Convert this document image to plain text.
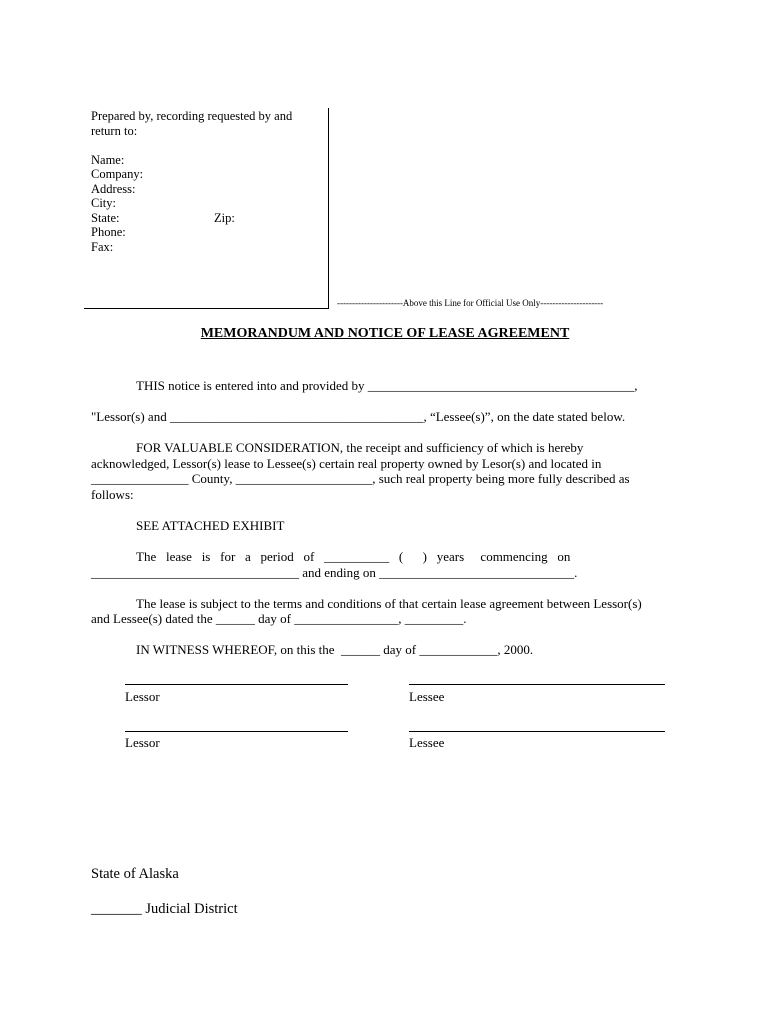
Prepared by, recording requested by and
return to:
Name:
Company:
Address:
City:
State:	Zip:
Phone:
Fax:
----------------------Above this Line for Official Use Only---------------------
MEMORANDUM AND NOTICE OF LEASE AGREEMENT
THIS notice is entered into and provided by _________________________________________,
"Lessor(s) and _______________________________________, “Lessee(s)”, on the date stated below.
FOR VALUABLE CONSIDERATION, the receipt and sufficiency of which is hereby
acknowledged, Lessor(s) lease to Lessee(s) certain real property owned by Lesor(s) and located in
_______________ County, _____________________, such real property being more fully described as
follows:
SEE ATTACHED EXHIBIT
The   lease   is   for   a   period   of   __________   (      )   years     commencing   on
________________________________ and ending on ______________________________.
The lease is subject to the terms and conditions of that certain lease agreement between Lessor(s)
and Lessee(s) dated the ______ day of ________________, _________.
IN WITNESS WHEREOF, on this the  ______ day of ____________, 2000.
Lessor	Lessee
Lessor	Lessee
State of Alaska
_______ Judicial District
